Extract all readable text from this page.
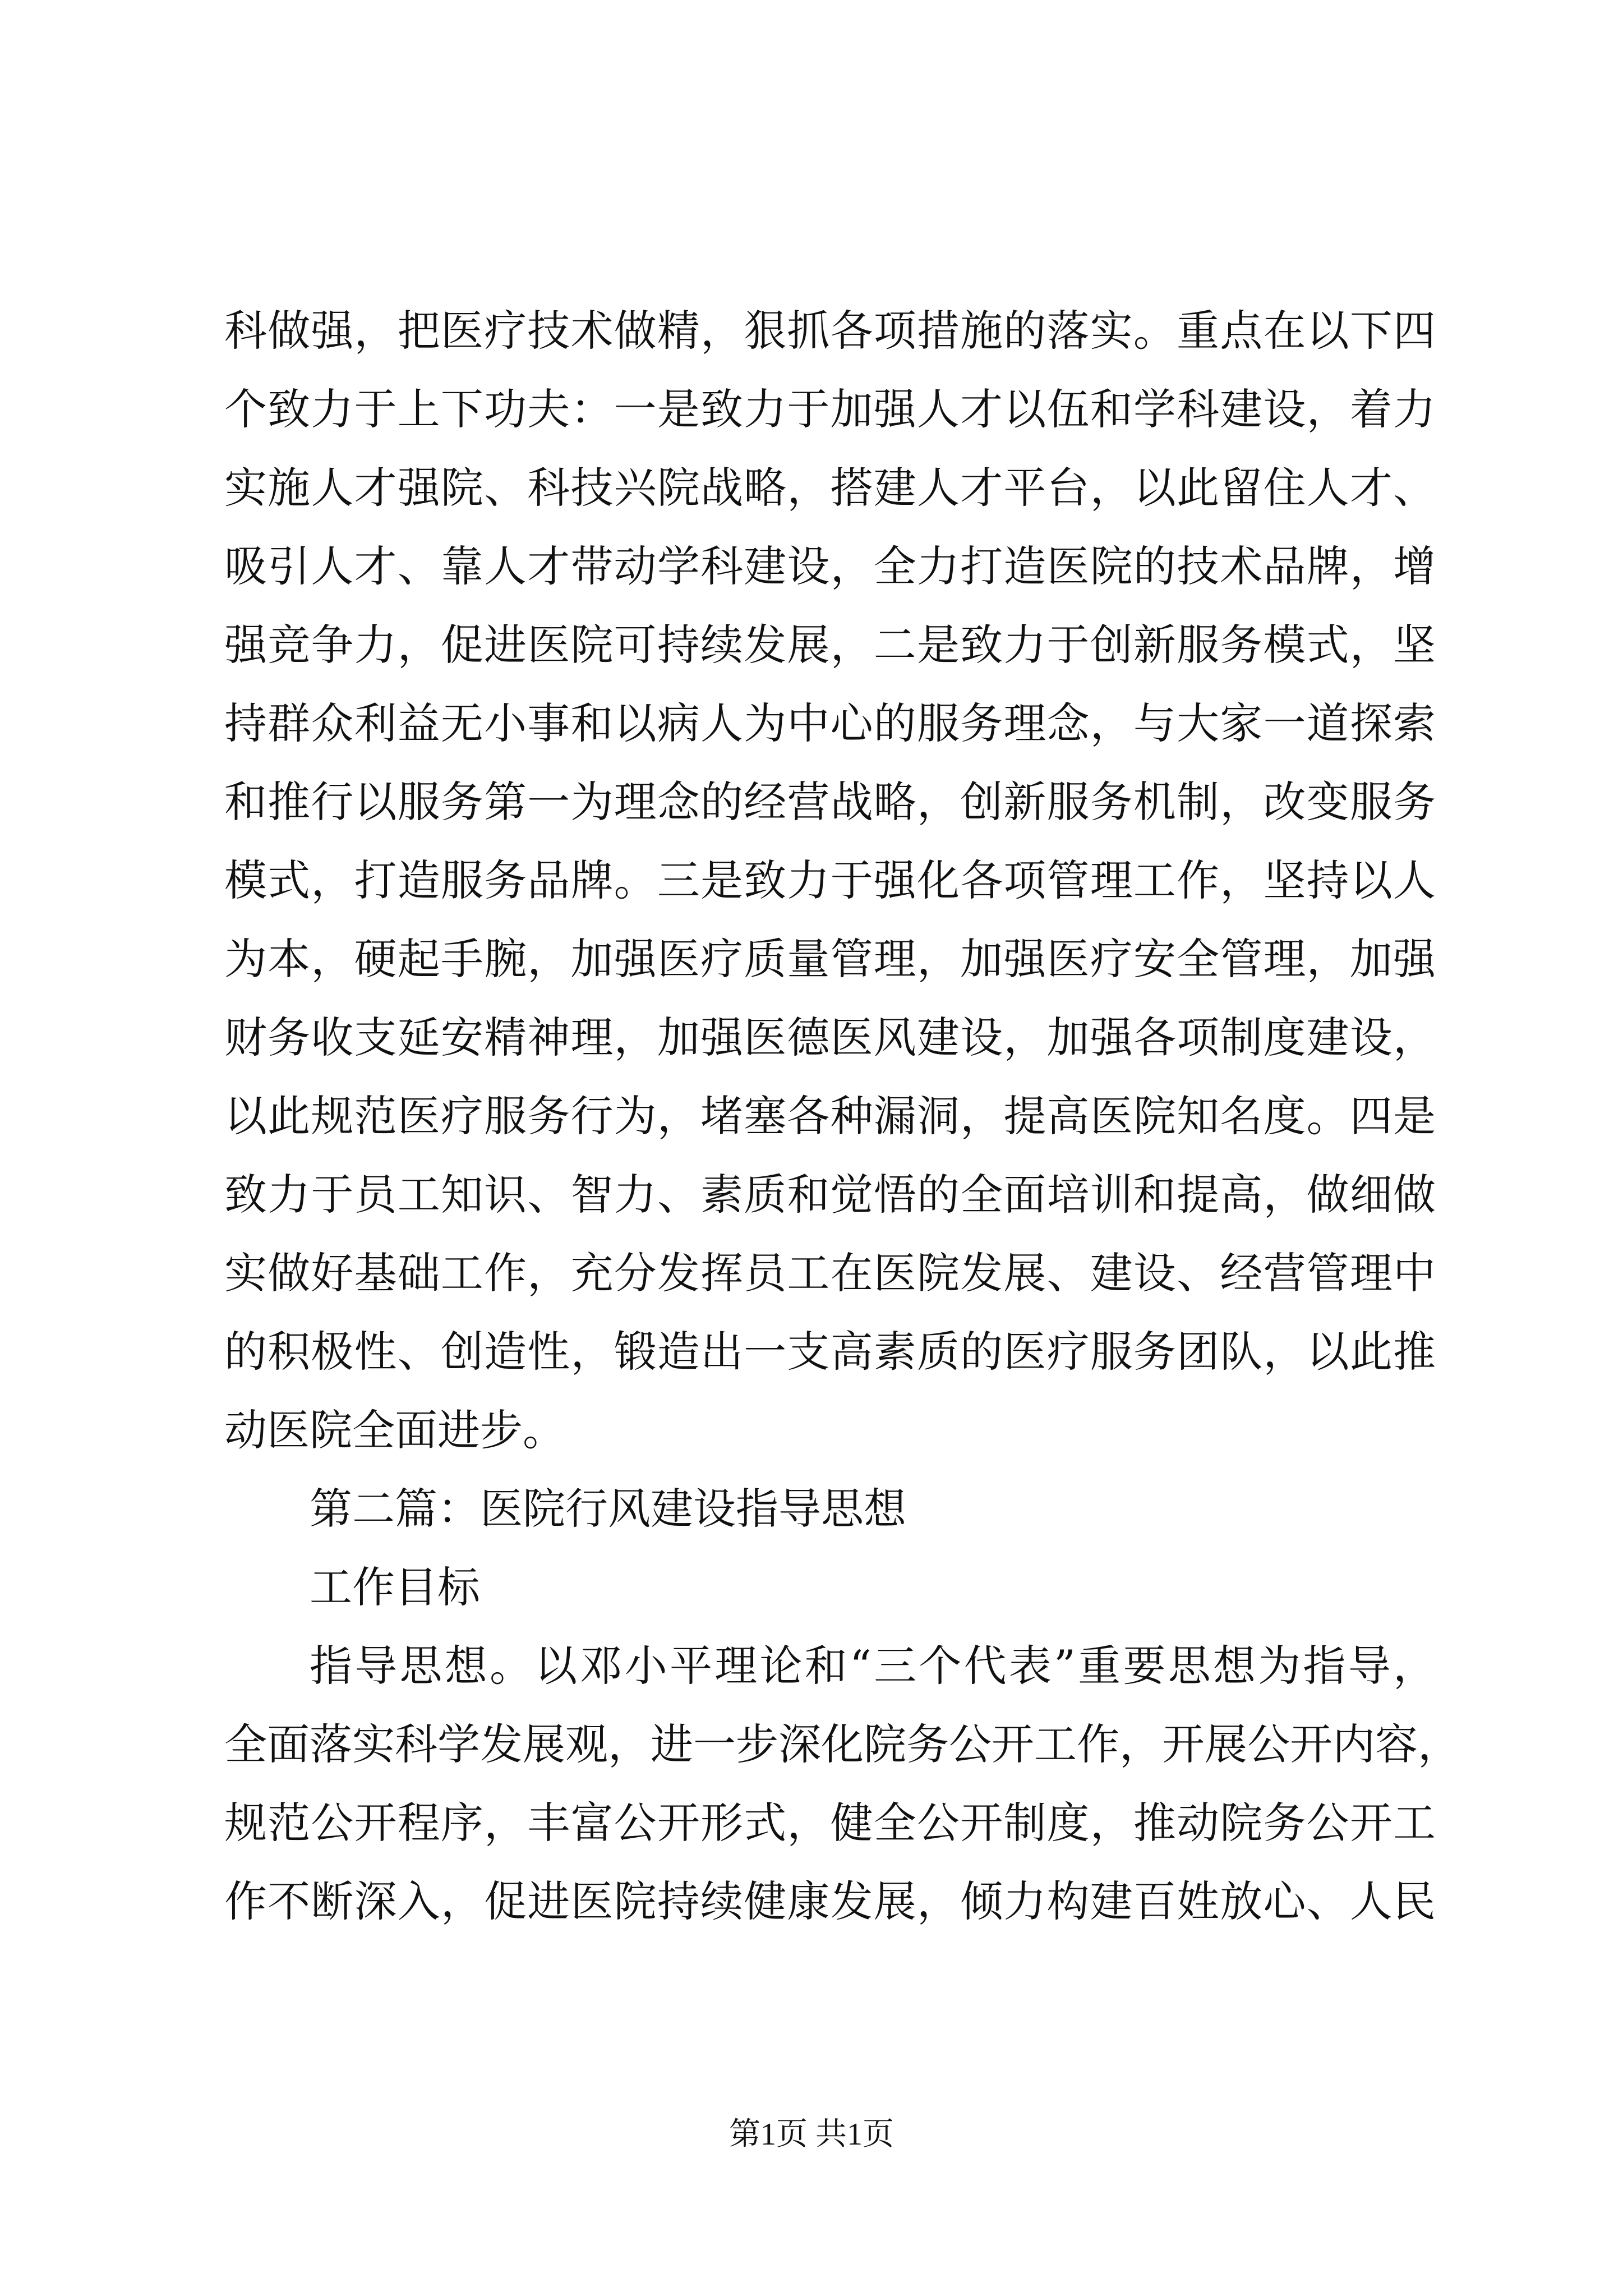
科做强，把医疗技术做精，狠抓各项措施的落实。重点在以下四
个致力于上下功夫：一是致力于加强人才以伍和学科建设，着力
实施人才强院、科技兴院战略，搭建人才平台，以此留住人才、
吸引人才、靠人才带动学科建设，全力打造医院的技术品牌，增
强竞争力，促进医院可持续发展，二是致力于创新服务模式，坚
持群众利益无小事和以病人为中心的服务理念，与大家一道探索
和推行以服务第一为理念的经营战略，创新服务机制，改变服务
模式，打造服务品牌。三是致力于强化各项管理工作，坚持以人
为本，硬起手腕，加强医疗质量管理，加强医疗安全管理，加强
财务收支延安精神理，加强医德医风建设，加强各项制度建设，
以此规范医疗服务行为，堵塞各种漏洞，提高医院知名度。四是
致力于员工知识、智力、素质和觉悟的全面培训和提高，做细做
实做好基础工作，充分发挥员工在医院发展、建设、经营管理中
的积极性、创造性，锻造出一支高素质的医疗服务团队，以此推
动医院全面进步。
第二篇：医院行风建设指导思想
工作目标
指导思想。以邓小平理论和“三个代表”重要思想为指导，
全面落实科学发展观，进一步深化院务公开工作，开展公开内容，
规范公开程序，丰富公开形式，健全公开制度，推动院务公开工
作不断深入，促进医院持续健康发展，倾力构建百姓放心、人民
第1页 共1页
